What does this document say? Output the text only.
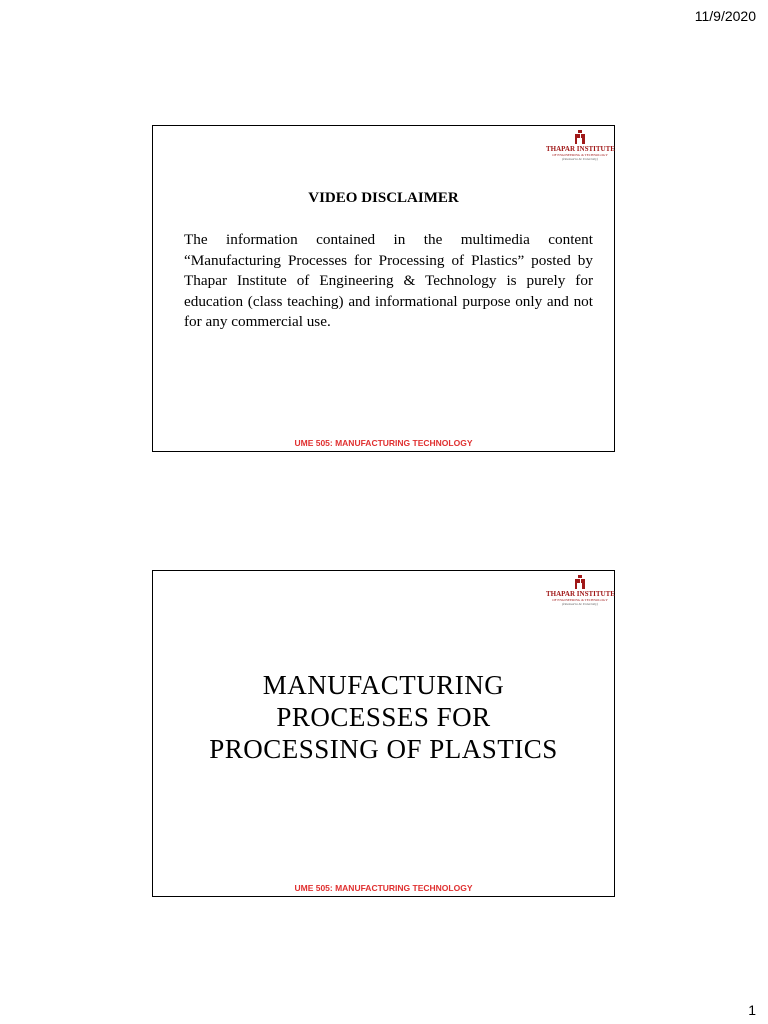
11/9/2020
THAPAR INSTITUTE
OF ENGINEERING & TECHNOLOGY
(Deemed to be University)
VIDEO DISCLAIMER
The information contained in the multimedia content “Manufacturing Processes for Processing of Plastics” posted by Thapar Institute of Engineering & Technology is purely for education (class teaching) and informational purpose only and not for any commercial use.
UME 505: MANUFACTURING TECHNOLOGY
THAPAR INSTITUTE
OF ENGINEERING & TECHNOLOGY
(Deemed to be University)
MANUFACTURING
PROCESSES FOR
PROCESSING OF PLASTICS
UME 505: MANUFACTURING TECHNOLOGY
1
